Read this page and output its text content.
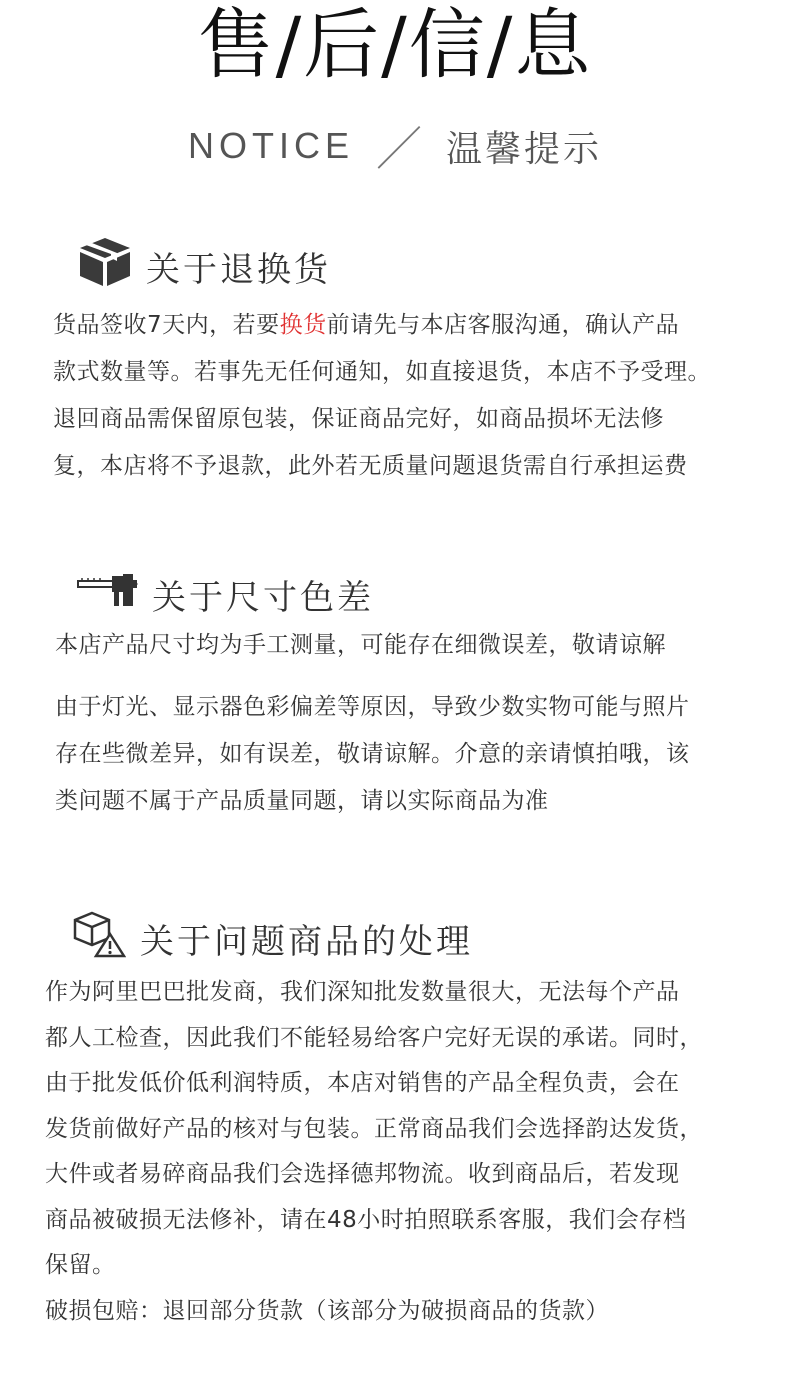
售/后/信/息
NOTICE ／ 温馨提示
关于退换货
货品签收7天内，若要换货前请先与本店客服沟通，确认产品
款式数量等。若事先无任何通知，如直接退货，本店不予受理。
退回商品需保留原包装，保证商品完好，如商品损坏无法修
复，本店将不予退款，此外若无质量问题退货需自行承担运费
关于尺寸色差
本店产品尺寸均为手工测量，可能存在细微误差，敬请谅解
由于灯光、显示器色彩偏差等原因，导致少数实物可能与照片
存在些微差异，如有误差，敬请谅解。介意的亲请慎拍哦，该
类问题不属于产品质量同题，请以实际商品为准
关于问题商品的处理
作为阿里巴巴批发商，我们深知批发数量很大，无法每个产品
都人工检查，因此我们不能轻易给客户完好无误的承诺。同时，
由于批发低价低利润特质，本店对销售的产品全程负责，会在
发货前做好产品的核对与包装。正常商品我们会选择韵达发货，
大件或者易碎商品我们会选择德邦物流。收到商品后，若发现
商品被破损无法修补，请在48小时拍照联系客服，我们会存档
保留。
破损包赔：退回部分货款（该部分为破损商品的货款）
